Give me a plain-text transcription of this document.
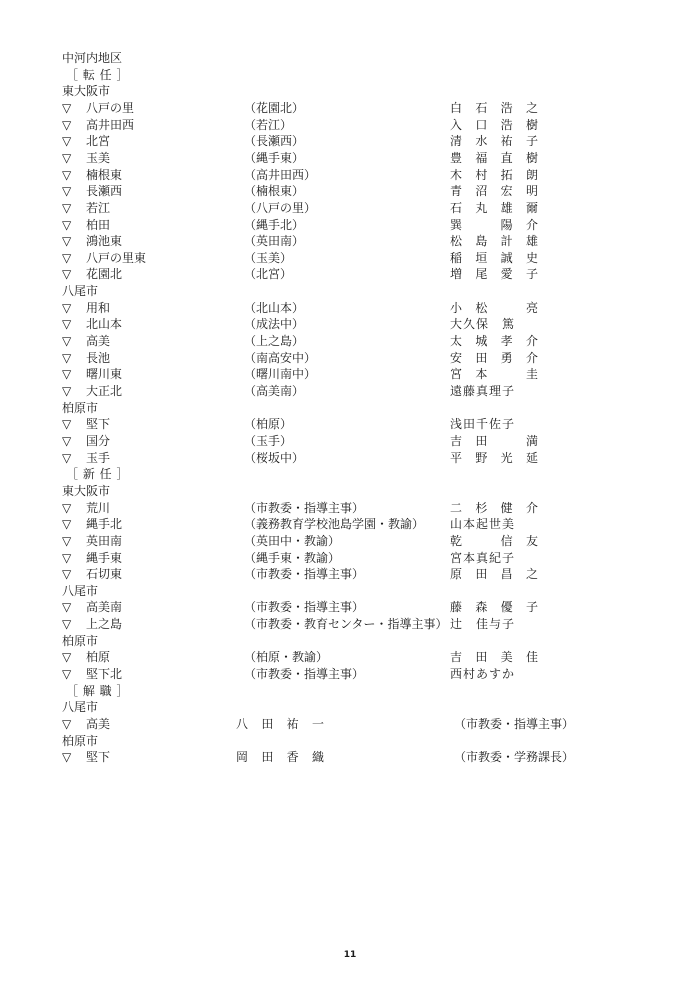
中河内地区
［ 転 任 ］
東大阪市
▽ 八戸の里	（花園北）	白 石 浩 之
▽ 高井田西	（若江）	入 口 浩 樹
▽ 北宮	（長瀬西）	清 水 祐 子
▽ 玉美	（縄手東）	豊 福 直 樹
▽ 楠根東	（高井田西）	木 村 拓 朗
▽ 長瀬西	（楠根東）	青 沼 宏 明
▽ 若江	（八戸の里）	石 丸 雄 爾
▽ 柏田	（縄手北）	巽	陽 介
▽ 鴻池東	（英田南）	松 島 計 雄
▽ 八戸の里東	（玉美）	稲 垣 誠 史
▽ 花園北	（北宮）	増 尾 愛 子
八尾市
▽ 用和	（北山本）	小 松	亮
▽ 北山本	（成法中）	大久保　篤
▽ 高美	（上之島）	太 城 孝 介
▽ 長池	（南高安中）	安 田 勇 介
▽ 曙川東	（曙川南中）	宮 本	圭
▽ 大正北	（高美南）	遠藤真理子
柏原市
▽ 堅下	（柏原）	浅田千佐子
▽ 国分	（玉手）	吉 田	満
▽ 玉手	（桜坂中）	平 野 光 延
［ 新 任 ］
東大阪市
▽ 荒川	（市教委・指導主事）	二 杉 健 介
▽ 縄手北	（義務教育学校池島学園・教諭） 山本起世美
▽ 英田南	（英田中・教諭）	乾	信 友
▽ 縄手東	（縄手東・教諭）	宮本真紀子
▽ 石切東	（市教委・指導主事）	原 田 昌 之
八尾市
▽ 高美南	（市教委・指導主事）	藤 森 優 子
▽ 上之島	（市教委・教育センター・指導主事） 辻　佳与子
柏原市
▽ 柏原	（柏原・教諭）	吉 田 美 佳
▽ 堅下北	（市教委・指導主事）	西村あすか
［ 解 職 ］
八尾市
▽ 高美	八 田 祐 一	（市教委・指導主事）
柏原市
▽ 堅下	岡 田 香 織	（市教委・学務課長）
11
